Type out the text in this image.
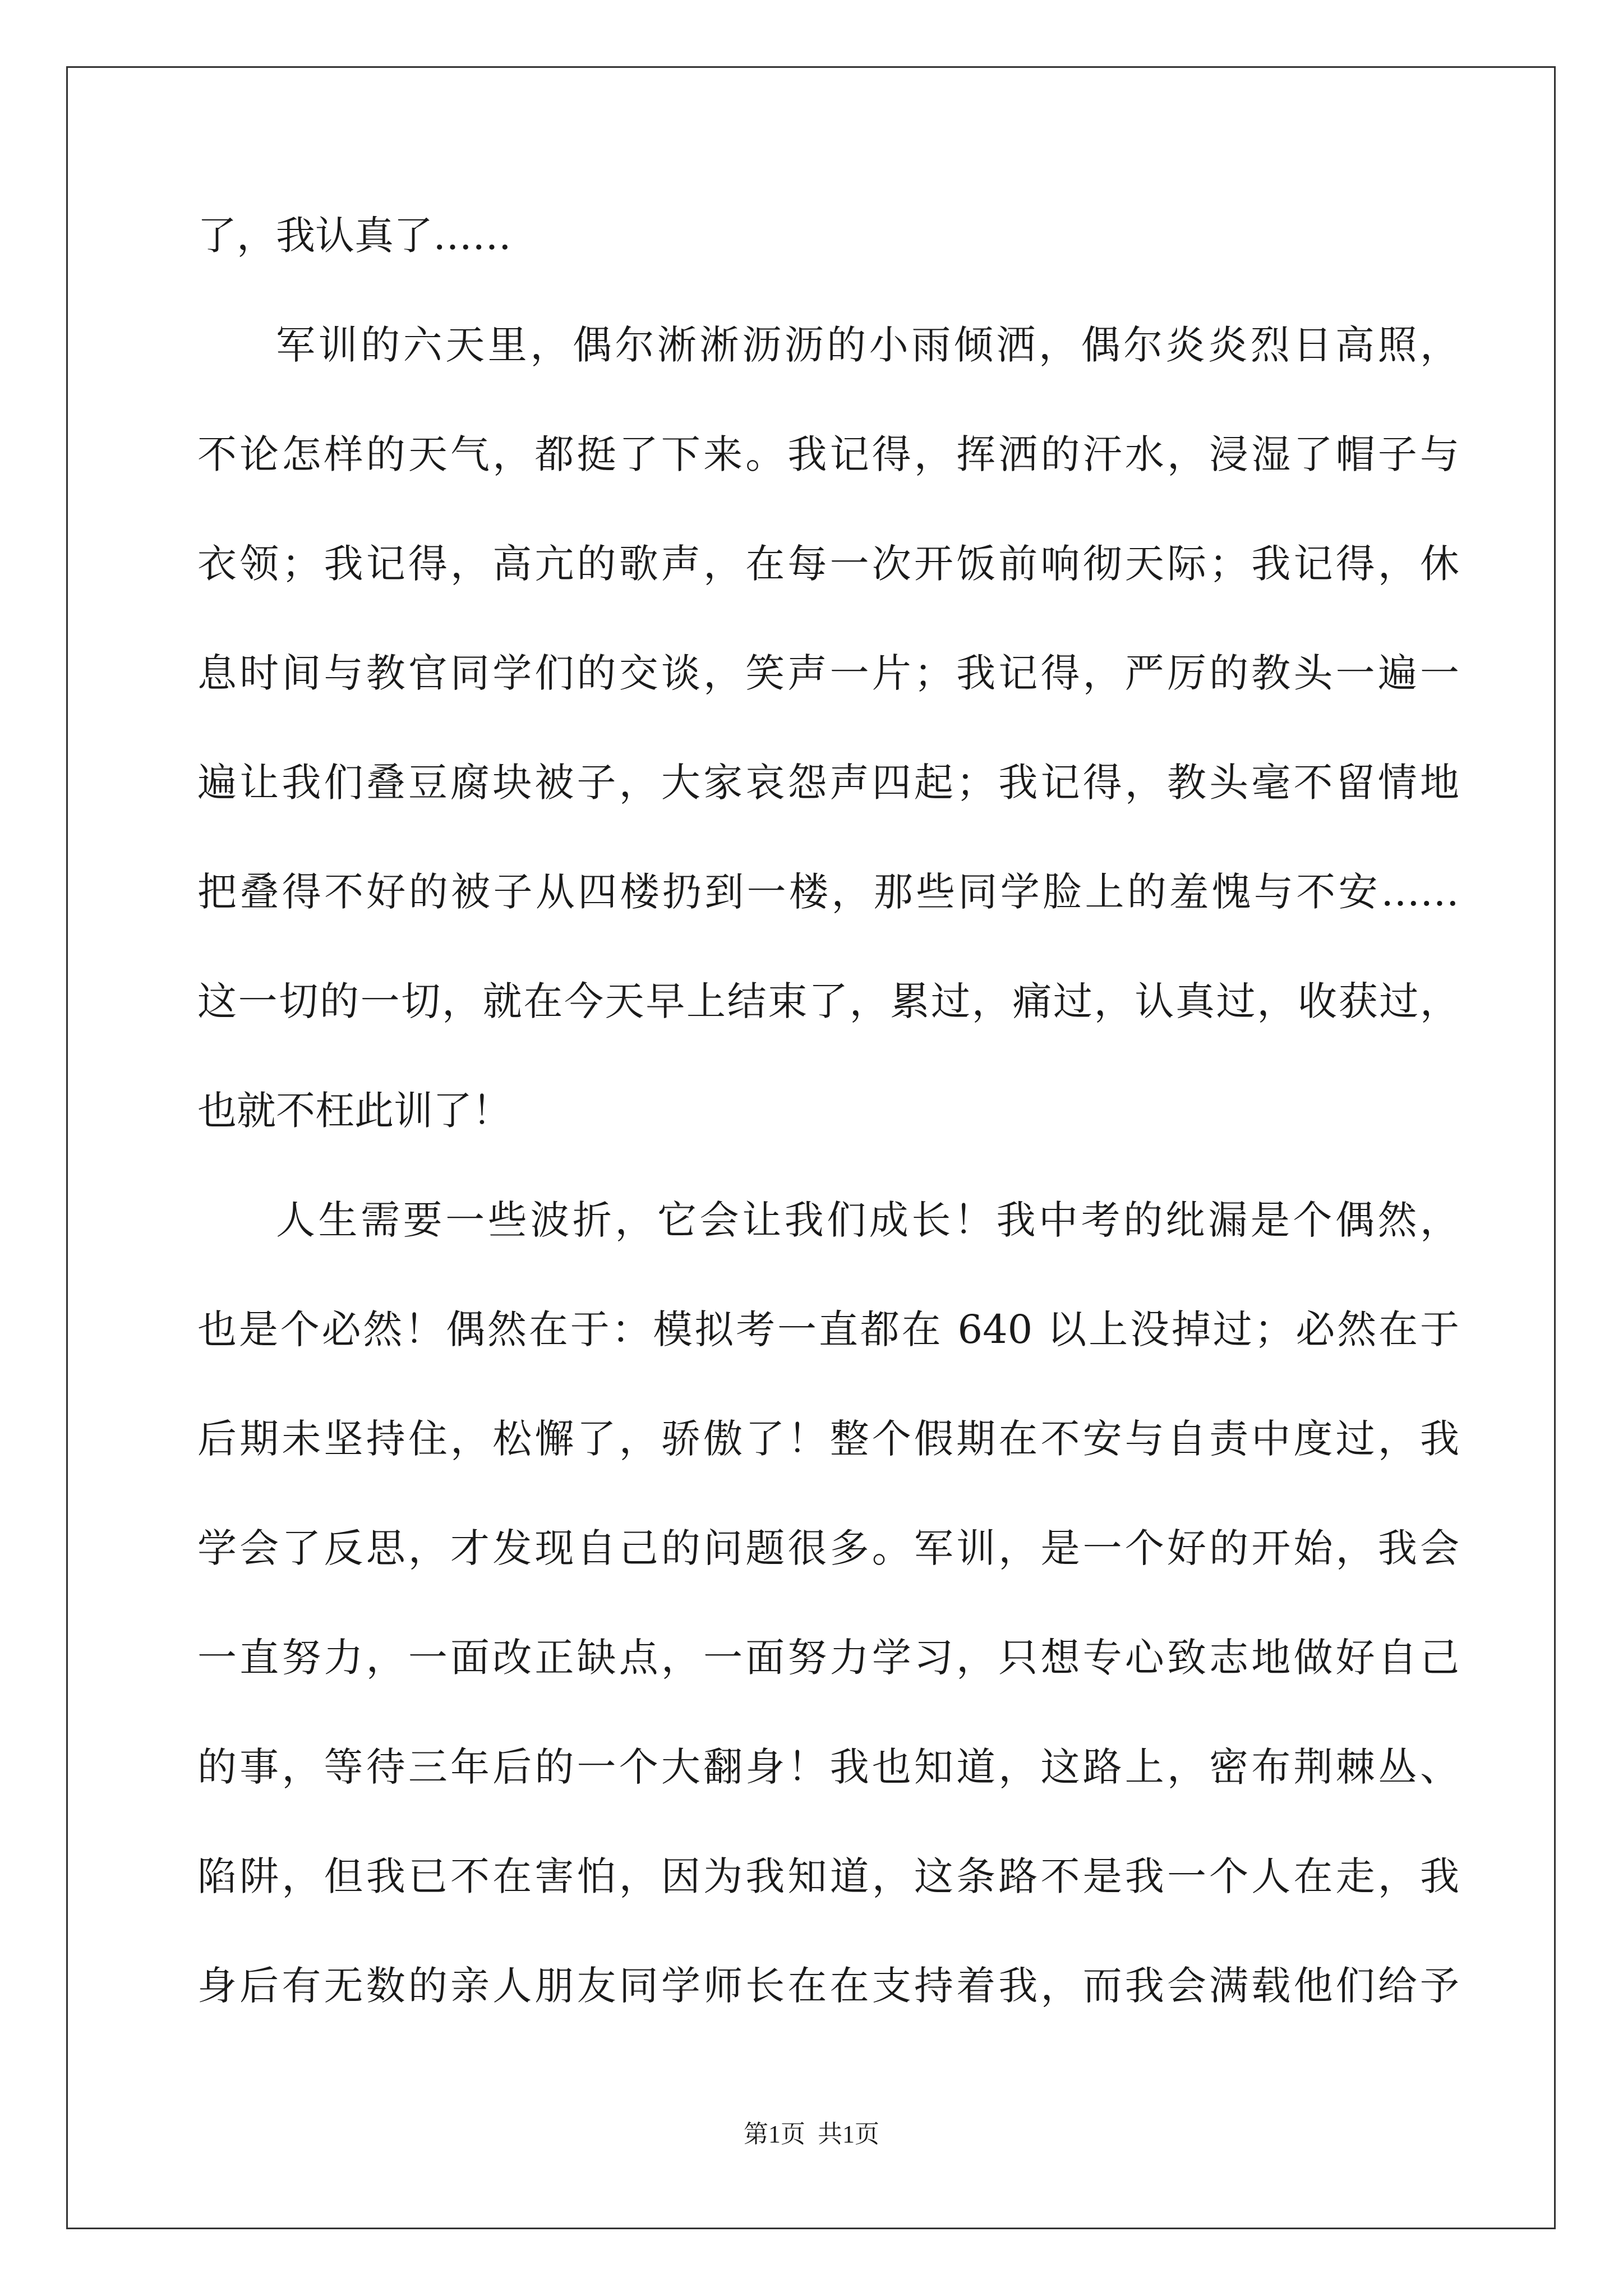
了，我认真了……

军训的六天里，偶尔淅淅沥沥的小雨倾洒，偶尔炎炎烈日高照，

不论怎样的天气，都挺了下来。我记得，挥洒的汗水，浸湿了帽子与

衣领；我记得，高亢的歌声，在每一次开饭前响彻天际；我记得，休

息时间与教官同学们的交谈，笑声一片；我记得，严厉的教头一遍一

遍让我们叠豆腐块被子，大家哀怨声四起；我记得，教头毫不留情地

把叠得不好的被子从四楼扔到一楼，那些同学脸上的羞愧与不安……

这一切的一切，就在今天早上结束了，累过，痛过，认真过，收获过，

也就不枉此训了！

人生需要一些波折，它会让我们成长！我中考的纰漏是个偶然，

也是个必然！偶然在于：模拟考一直都在 640 以上没掉过；必然在于

后期未坚持住，松懈了，骄傲了！整个假期在不安与自责中度过，我

学会了反思，才发现自己的问题很多。军训，是一个好的开始，我会

一直努力，一面改正缺点，一面努力学习，只想专心致志地做好自己

的事，等待三年后的一个大翻身！我也知道，这路上，密布荆棘丛、

陷阱，但我已不在害怕，因为我知道，这条路不是我一个人在走，我

身后有无数的亲人朋友同学师长在在支持着我，而我会满载他们给予

第1页  共1页
